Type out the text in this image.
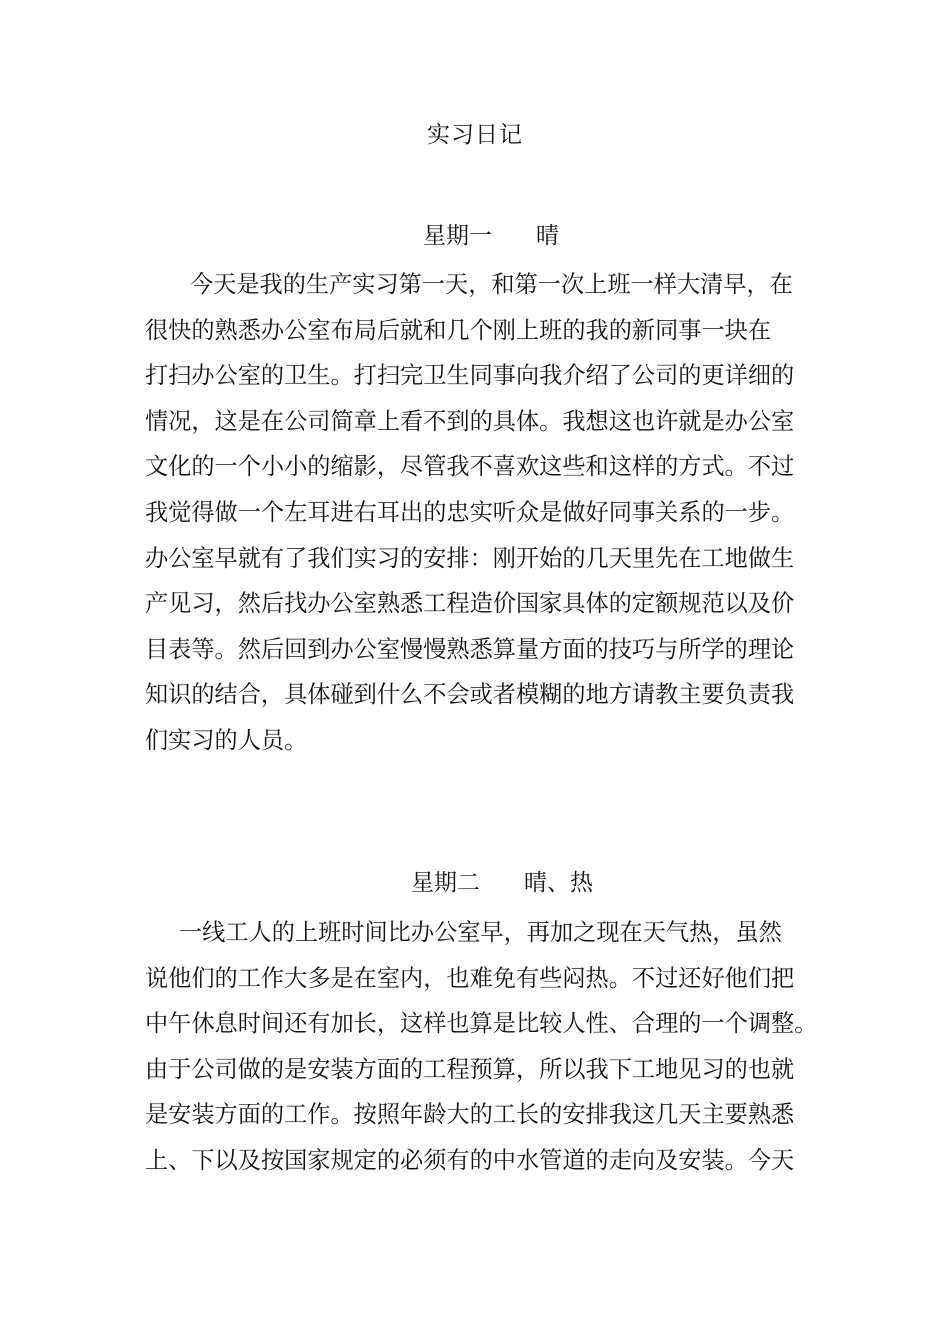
实习日记
星期一 晴
今天是我的生产实习第一天，和第一次上班一样大清早，在
很快的熟悉办公室布局后就和几个刚上班的我的新同事一块在
打扫办公室的卫生。打扫完卫生同事向我介绍了公司的更详细的
情况，这是在公司简章上看不到的具体。我想这也许就是办公室
文化的一个小小的缩影，尽管我不喜欢这些和这样的方式。不过
我觉得做一个左耳进右耳出的忠实听众是做好同事关系的一步。
办公室早就有了我们实习的安排：刚开始的几天里先在工地做生
产见习，然后找办公室熟悉工程造价国家具体的定额规范以及价
目表等。然后回到办公室慢慢熟悉算量方面的技巧与所学的理论
知识的结合，具体碰到什么不会或者模糊的地方请教主要负责我
们实习的人员。
星期二 晴、热
一线工人的上班时间比办公室早，再加之现在天气热，虽然
说他们的工作大多是在室内，也难免有些闷热。不过还好他们把
中午休息时间还有加长，这样也算是比较人性、合理的一个调整。
由于公司做的是安装方面的工程预算，所以我下工地见习的也就
是安装方面的工作。按照年龄大的工长的安排我这几天主要熟悉
上、下以及按国家规定的必须有的中水管道的走向及安装。今天
